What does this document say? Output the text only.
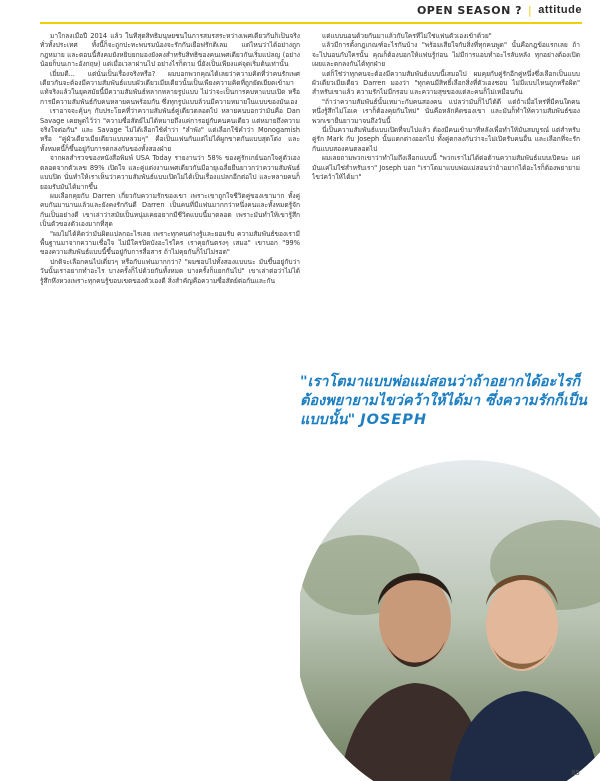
OPEN SEASON ? | attitude

มาใกลงเมื่อปี 2014 แล้ว ในที่สุดสิทธิมนุษยชนในการสมรสระหว่างเพศเดียวกันก็เป็นจริงทั่วทั้งประเทศ ทั้งนี้ก็จะถูกปะทะพบรมน้องจะรักกันเยือฟรักติเลม แต่ไหนว่าได้อย่างถูกกฎหมาย และตอนนี้สังคมยังหยิบยกมองยังคงสำหรับสิทธิของคนเพศเดียวกันเริ่มแปลญ (อย่างน้อยก็บนเกาะอังกฤษ) แต่เมื่อเวลาผ่านไป อย่างไรก็ตาม นี่ยังเป็นเพียงแค่จุดเริ่มต้นเท่านั้น

เยี่ยมดี... แต่นั่นเป็นเรื่องจริงหรือ? ผมบอกพวกคุณได้เลยว่าความคิดที่ว่าคนรักเพศเดียวกันจะต้องมีความสัมพันธ์แบบผัวเดียวเมียเดียวนั้นเป็นเพียงความคิดที่ถูกยัดเยียดเข้ามา แท้จริงแล้วในยุคสมัยนี้มีความสัมพันธ์หลากหลายรูปแบบ ไม่ว่าจะเป็นการคบหาแบบเปิด หรือการมีความสัมพันธ์กับคนหลายคนพร้อมกัน ซึ่งทุกรูปแบบล้วนมีความหมายในแบบของมันเอง

เราอาจจะคุ้นๆ กับประโยคที่ว่าความสัมพันธ์คู่เดียวตลอดไป หลายคนบอกว่ามันคือ Dan Savage เคยพูดไว้ว่า "ความซื่อสัตย์ไม่ได้หมายถึงแค่การอยู่กับคนคนเดียว แต่หมายถึงความจริงใจต่อกัน" และ Savage ไม่ได้เลือกใช้คำว่า "ลำพัง" แต่เลือกใช้คำว่า Monogamish หรือ "คู่ผัวเดียวเมียเดียวแบบหลวมๆ" คือเป็นแฟนกันแต่ไม่ได้ผูกขาดกันแบบสุดโต่ง และทั้งหมดนี้ก็ขึ้นอยู่กับการตกลงกันของทั้งสองฝ่าย

จากผลสำรวจของหนังสือพิมพ์ USA Today รายงานว่า 58% ของคู่รักเกย์นอกใจคู่ตัวเองตลอดจากตัวเลข 89% เปิดใจ และคู่แต่งงานเพศเดียวกันมีอายุเฉลี่ยยืนยาวกว่าความสัมพันธ์แบบปิด นั่นทำให้เราเห็นว่าความสัมพันธ์แบบเปิดไม่ได้เป็นเรื่องแปลกอีกต่อไป และหลายคนก็ยอมรับมันได้มากขึ้น

ผมเลือกคุยกับ Darren เกี่ยวกับความรักของเขา เพราะเขาถูกใจชีวิตคู่ของเขามาก ทั้งคู่คบกันมานานแล้วและยังคงรักกันดี Darren เป็นคนที่มีแฟนมากกว่าหนึ่งคนและทั้งหมดรู้จักกันเป็นอย่างดี เขาเล่าว่าสมัยเป็นหนุ่มเคยอยากมีชีวิตแบบนี้มาตลอด เพราะมันทำให้เขารู้สึกเป็นตัวของตัวเองมากที่สุด

"ผมไม่ได้คิดว่ามันผิดแปลกอะไรเลย เพราะทุกคนต่างรู้และยอมรับ ความสัมพันธ์ของเรามีพื้นฐานมาจากความเชื่อใจ ไม่มีใครปิดบังอะไรใคร เราคุยกันตรงๆ เสมอ" เขาบอก "99% ของความสัมพันธ์แบบนี้ขึ้นอยู่กับการสื่อสาร ถ้าไม่คุยกันก็ไปไม่รอด"

ปกติจะเลือกคนไปเดี่ยวๆ หรือกับแฟนมากกว่า? "ผมชอบไปทั้งสองแบบนะ มันขึ้นอยู่กับว่าวันนั้นเราอยากทำอะไร บางครั้งก็ไปด้วยกันทั้งหมด บางครั้งก็แยกกันไป" เขาเล่าต่อว่าไม่ได้รู้สึกหึงหวงเพราะทุกคนรู้ขอบเขตของตัวเองดี สิ่งสำคัญคือความซื่อสัตย์ต่อกันและกัน

แต่แบบนอนด้วยกันมาแล้วกับใครที่ไม่ใช่แฟนตัวเองเข้าด้วย"

แล้วมีการตั้งกฎเกณฑ์อะไรกันบ้าง "พร้อมเสียใจกับสิ่งที่ทุกคนพูด" นั้นคือกฎข้อแรกเลย ถ้าจะไปนอนกับใครนั้น คุณก็ต้องบอกให้แฟนรู้ก่อน ไม่มีการแอบทำอะไรลับหลัง ทุกอย่างต้องเปิดเผยและตกลงกันได้ทุกฝ่าย

แต่ก็ใช่ว่าทุกคนจะต้องมีความสัมพันธ์แบบนี้เสมอไป ผมคุยกับคู่รักอีกคู่หนึ่งซึ่งเลือกเป็นแบบผัวเดียวเมียเดียว Darren มองว่า "ทุกคนมีสิทธิ์เลือกสิ่งที่ตัวเองชอบ ไม่มีแบบไหนถูกหรือผิด" สำหรับเขาแล้ว ความรักไม่มีกรอบ และความสุขของแต่ละคนก็ไม่เหมือนกัน

"ถ้าว่าความสัมพันธ์นั้นเหมาะกับคนสองคน แปลว่ามันก็ไปได้ดี แต่ถ้าเมื่อไหร่ที่มีคนใดคนหนึ่งรู้สึกไม่โอเค เราก็ต้องคุยกันใหม่" นั่นคือหลักคิดของเขา และมันก็ทำให้ความสัมพันธ์ของพวกเขายืนยาวมาจนถึงวันนี้

นี่เป็นความสัมพันธ์แบบเปิดที่จบไปแล้ว ต้องมีคนเข้ามาทีหลังเพื่อทำให้มันสมบูรณ์ แต่สำหรับคู่รัก Mark กับ Joseph นั้นแตกต่างออกไป ทั้งคู่ตกลงกันว่าจะไม่เปิดรับคนอื่น และเลือกที่จะรักกันแบบสองคนตลอดไป

ผมเลยถามพวกเขาว่าทำไมถึงเลือกแบบนี้ "พวกเราไม่ได้ต่อต้านความสัมพันธ์แบบเปิดนะ แต่มันแค่ไม่ใช่สำหรับเรา" Joseph บอก "เราโตมาแบบพ่อแม่สอนว่าถ้าอยากได้อะไรก็ต้องพยายามไขว่คว้าให้ได้มา"

"เราโตมาแบบพ่อแม่สอนว่าถ้าอยากได้อะไรก็ต้องพยายามไขว่คว้าให้ได้มา ซึ่งความรักก็เป็นแบบนั้น" JOSEPH
85
